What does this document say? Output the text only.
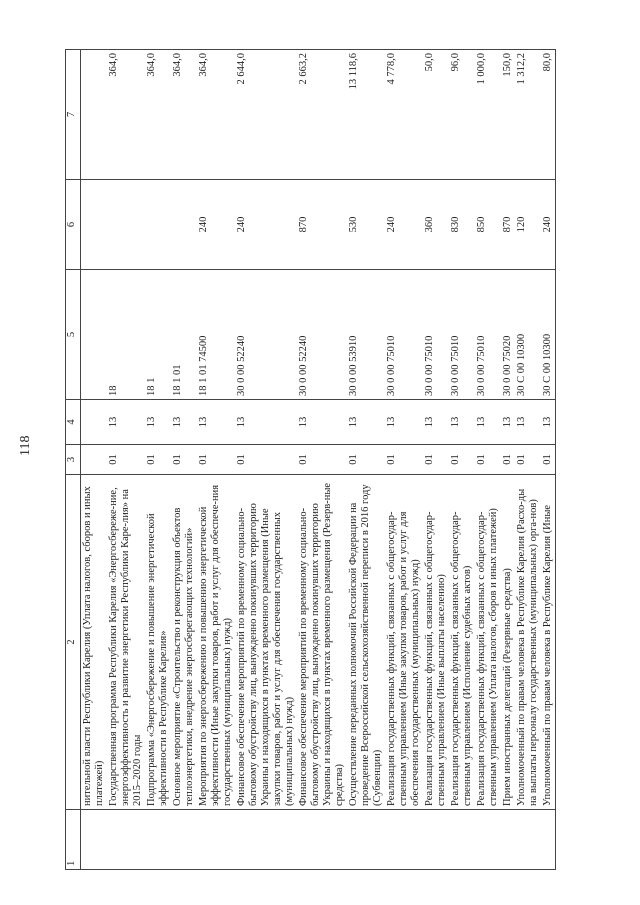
118
1	2	3	4	5	6	7
	нительной власти Республики Карелия (Уплата налогов, сборов и иных платежей)					
	Государственная программа Республики Карелия «Энергосбереже-ние, энергоэффективность и развитие энергетики Республики Каре-лия» на 2015–2020 годы	01	13	18		364,0
	Подпрограмма «Энергосбережение и повышение энергетической эффективности в Республике Карелия»	01	13	18 1		364,0
	Основное мероприятие «Строительство и реконструкция объектов теплоэнергетики, внедрение энергосберегающих технологий»	01	13	18 1 01		364,0
	Мероприятия по энергосбережению и повышению энергетической эффективности (Иные закупки товаров, работ и услуг для обеспече-ния государственных (муниципальных) нужд)	01	13	18 1 01 74500	240	364,0
	Финансовое обеспечение мероприятий по временному социально-бытовому обустройству лиц, вынужденно покинувших территорию Украины и находящихся в пунктах временного размещения (Иные закупки товаров, работ и услуг для обеспечения государственных (муниципальных) нужд)	01	13	30 0 00 52240	240	2 644,0
	Финансовое обеспечение мероприятий по временному социально-бытовому обустройству лиц, вынужденно покинувших территорию Украины и находящихся в пунктах временного размещения (Резерв-ные средства)	01	13	30 0 00 52240	870	2 663,2
	Осуществление переданных полномочий Российской Федерации на проведение Всероссийской сельскохозяйственной переписи в 2016 году (Субвенции)	01	13	30 0 00 53910	530	13 118,6
	Реализация государственных функций, связанных с общегосудар-ственным управлением (Иные закупки товаров, работ и услуг для обеспечения государственных (муниципальных) нужд)	01	13	30 0 00 75010	240	4 778,0
	Реализация государственных функций, связанных с общегосудар-ственным управлением (Иные выплаты населению)	01	13	30 0 00 75010	360	50,0
	Реализация государственных функций, связанных с общегосудар-ственным управлением (Исполнение судебных актов)	01	13	30 0 00 75010	830	96,0
	Реализация государственных функций, связанных с общегосудар-ственным управлением (Уплата налогов, сборов и иных платежей)	01	13	30 0 00 75010	850	1 000,0
	Прием иностранных делегаций (Резервные средства)	01	13	30 0 00 75020	870	150,0
	Уполномоченный по правам человека в Республике Карелия (Расхо-ды на выплаты персоналу государственных (муниципальных) орга-нов)	01	13	30 С 00 10300	120	1 312,2
	Уполномоченный по правам человека в Республике Карелия (Иные	01	13	30 С 00 10300	240	80,0
